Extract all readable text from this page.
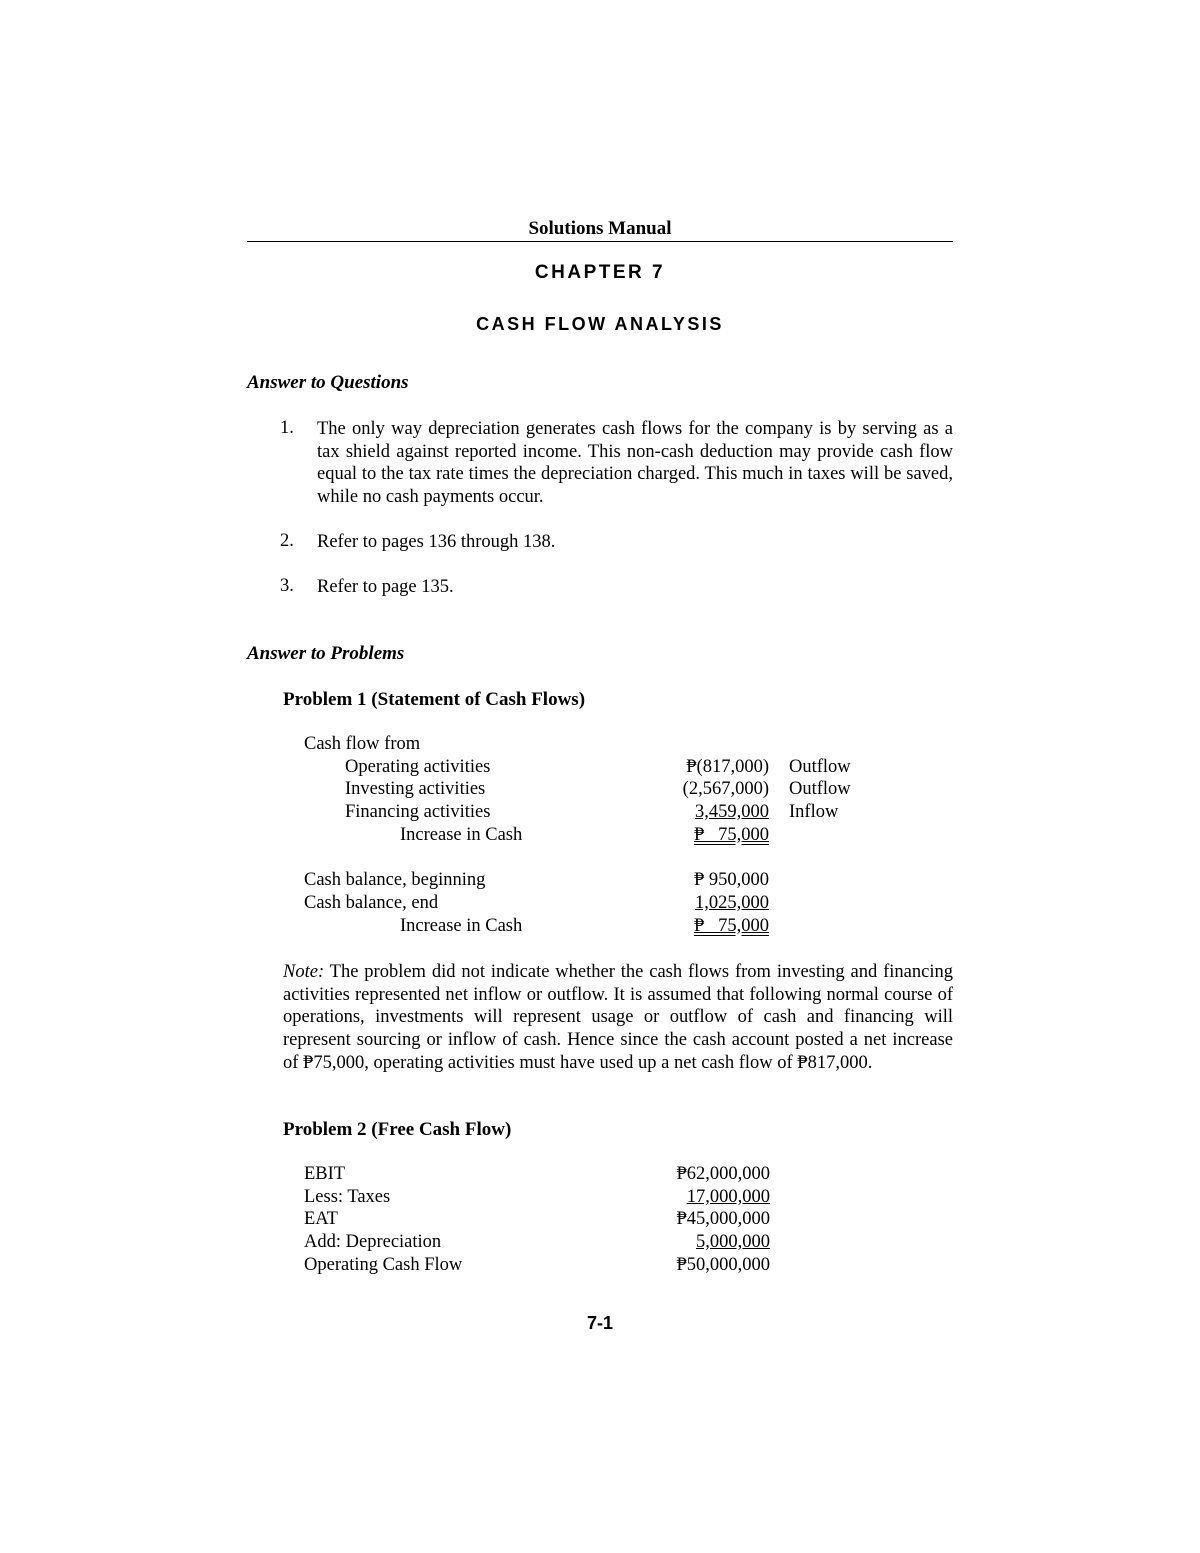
Solutions Manual
CHAPTER 7
CASH FLOW ANALYSIS
Answer to Questions
1. The only way depreciation generates cash flows for the company is by serving as a tax shield against reported income. This non-cash deduction may provide cash flow equal to the tax rate times the depreciation charged. This much in taxes will be saved, while no cash payments occur.
2. Refer to pages 136 through 138.
3. Refer to page 135.
Answer to Problems
Problem 1 (Statement of Cash Flows)
Cash flow from
Operating activities	₱(817,000) Outflow
Investing activities	(2,567,000) Outflow
Financing activities	3,459,000 Inflow
Increase in Cash	₱   75,000
Cash balance, beginning	₱ 950,000
Cash balance, end	1,025,000
Increase in Cash	₱   75,000
Note: The problem did not indicate whether the cash flows from investing and financing activities represented net inflow or outflow. It is assumed that following normal course of operations, investments will represent usage or outflow of cash and financing will represent sourcing or inflow of cash. Hence since the cash account posted a net increase of ₱75,000, operating activities must have used up a net cash flow of ₱817,000.
Problem 2 (Free Cash Flow)
EBIT	₱62,000,000
Less: Taxes	17,000,000
EAT	₱45,000,000
Add: Depreciation	5,000,000
Operating Cash Flow	₱50,000,000
7-1
